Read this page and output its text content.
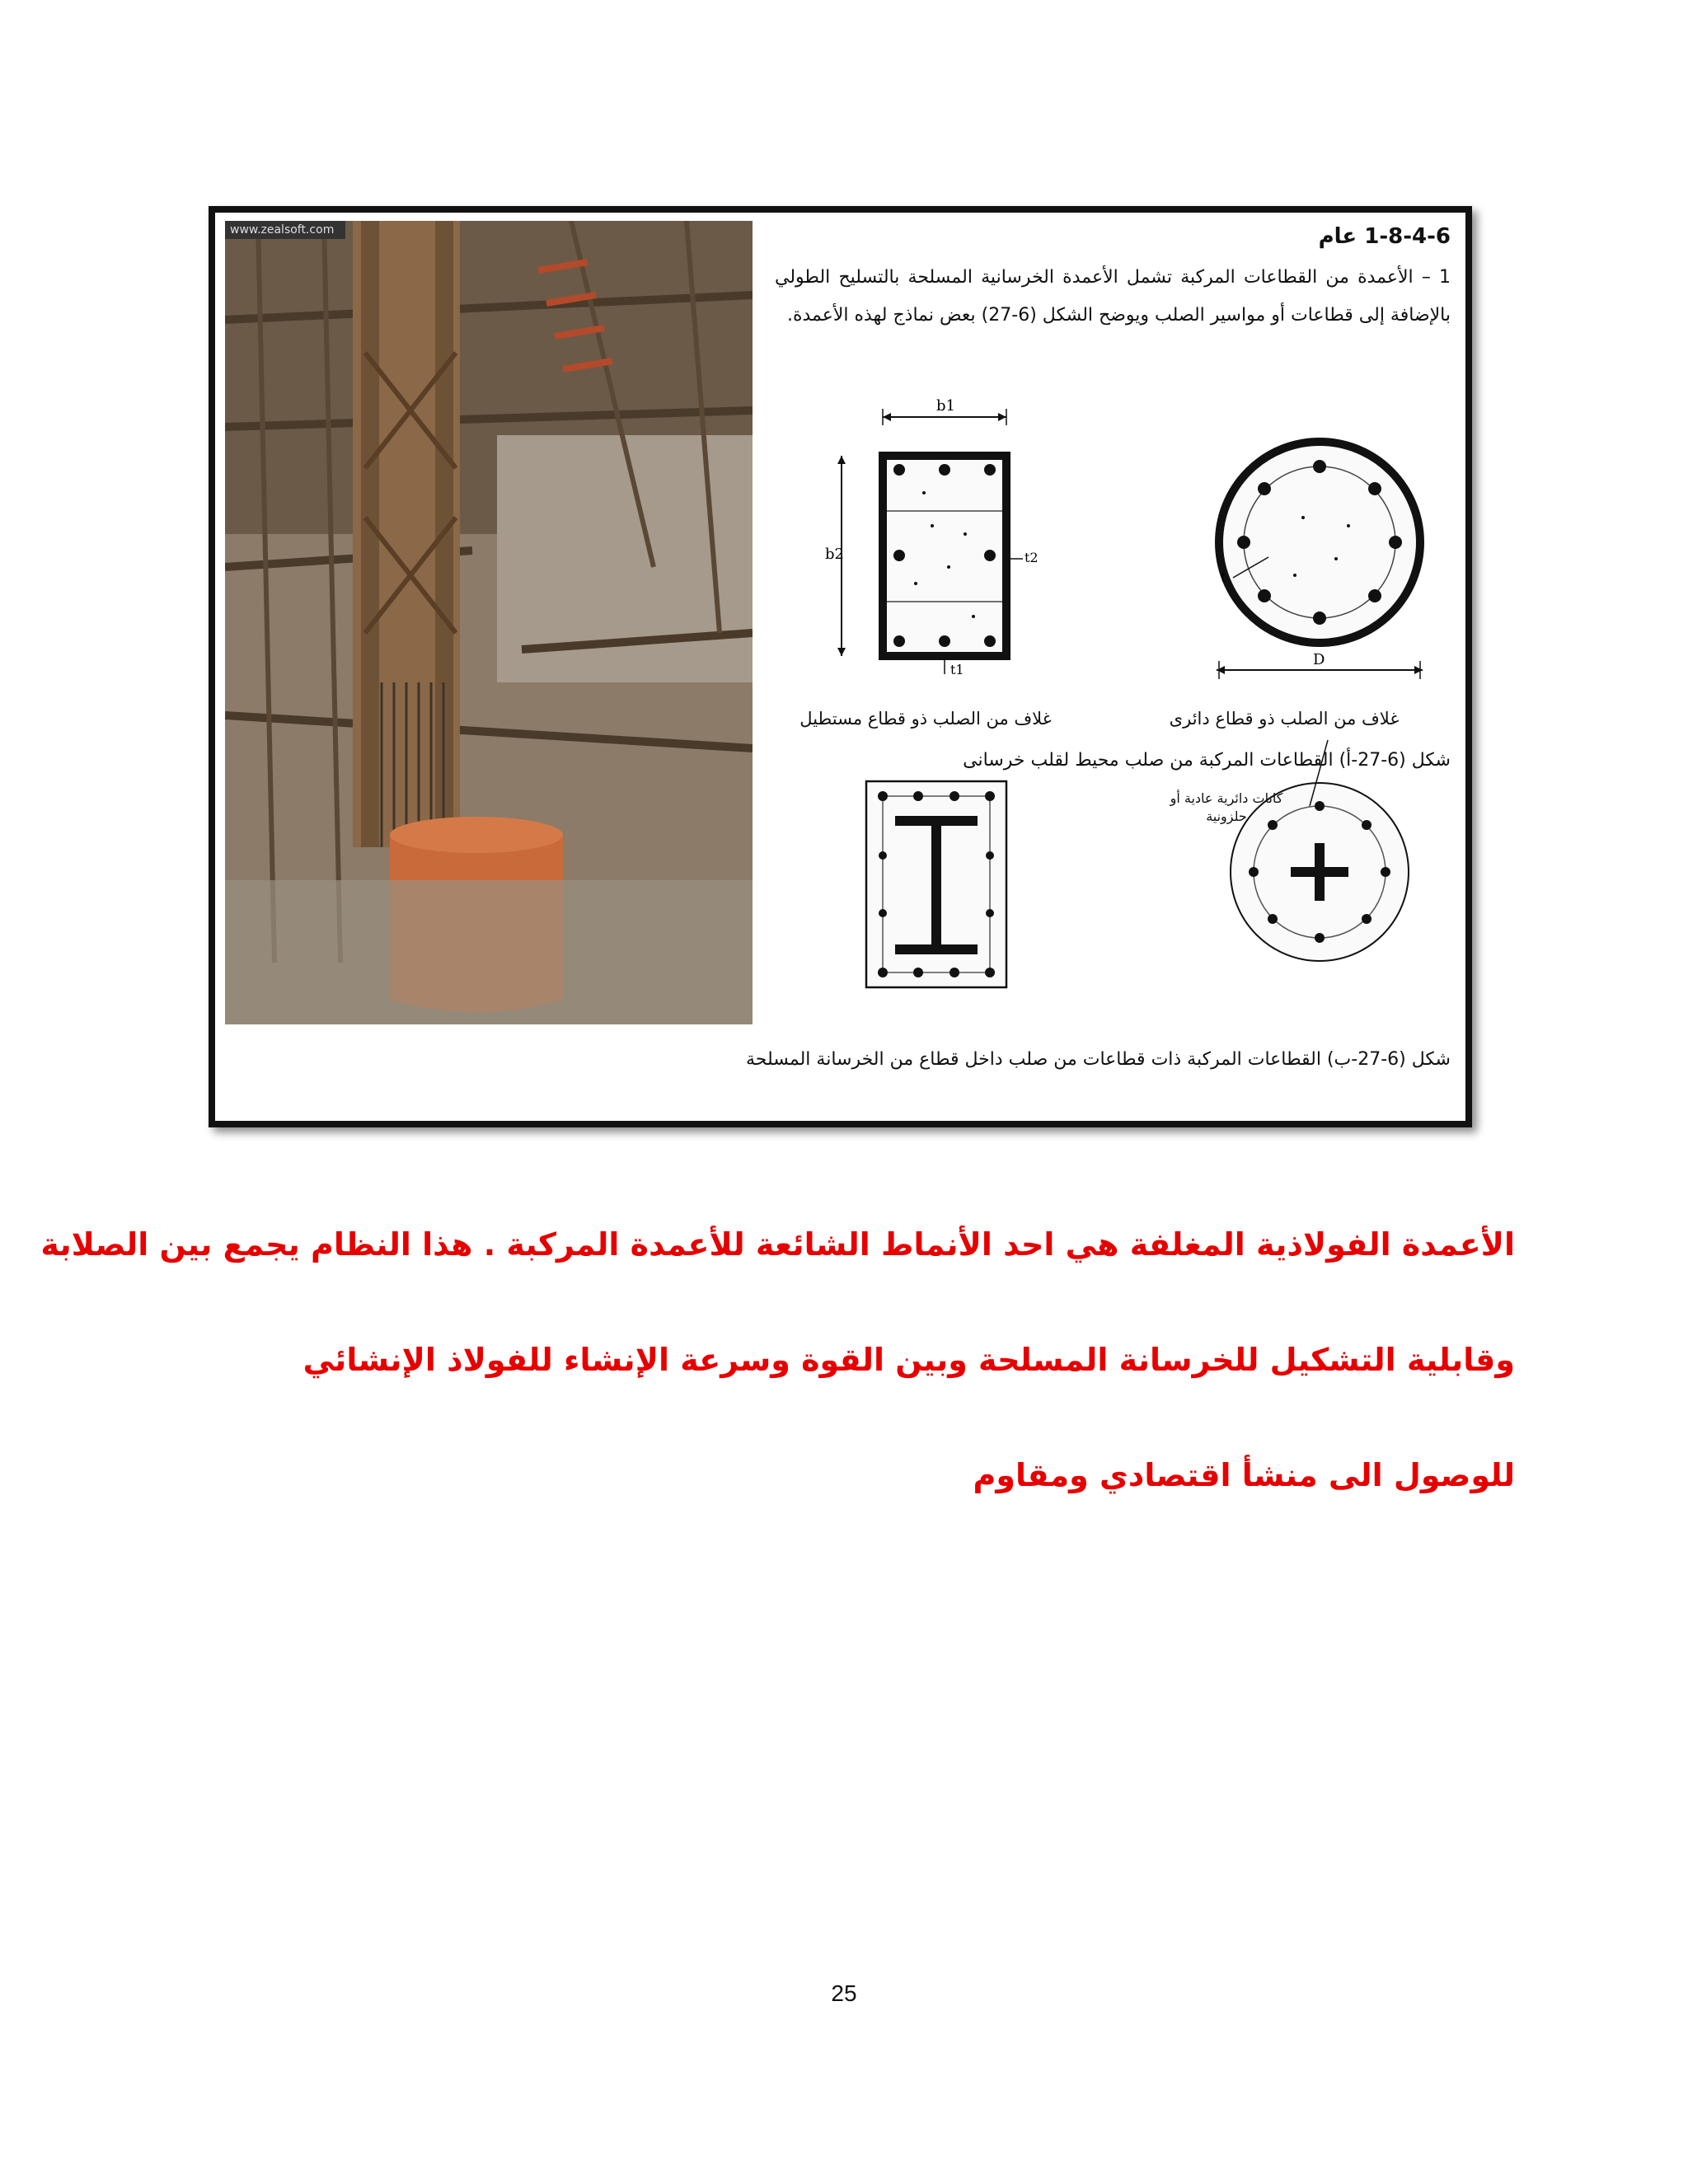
www.zealsoft.com	1-8-4-6 عام
1 – الأعمدة من القطاعات المركبة تشمل الأعمدة الخرسانية المسلحة بالتسليح الطولي بالإضافة إلى قطاعات أو مواسير الصلب ويوضح الشكل (6-27) بعض نماذج لهذه الأعمدة.
b1
b2	t2
t1
t
D
غلاف من الصلب ذو قطاع دائرى
غلاف من الصلب ذو قطاع مستطيل
شكل (6-27-أ) القطاعات المركبة من صلب محيط لقلب خرسانى
كانات دائرية عادية أو حلزونية
شكل (6-27-ب) القطاعات المركبة ذات قطاعات من صلب داخل قطاع من الخرسانة المسلحة
الأعمدة الفولاذية المغلفة هي احد الأنماط الشائعة للأعمدة المركبة . هذا النظام يجمع بين الصلابة
وقابلية التشكيل للخرسانة المسلحة وبين القوة وسرعة الإنشاء للفولاذ الإنشائي
للوصول الى منشأ اقتصادي ومقاوم
25
